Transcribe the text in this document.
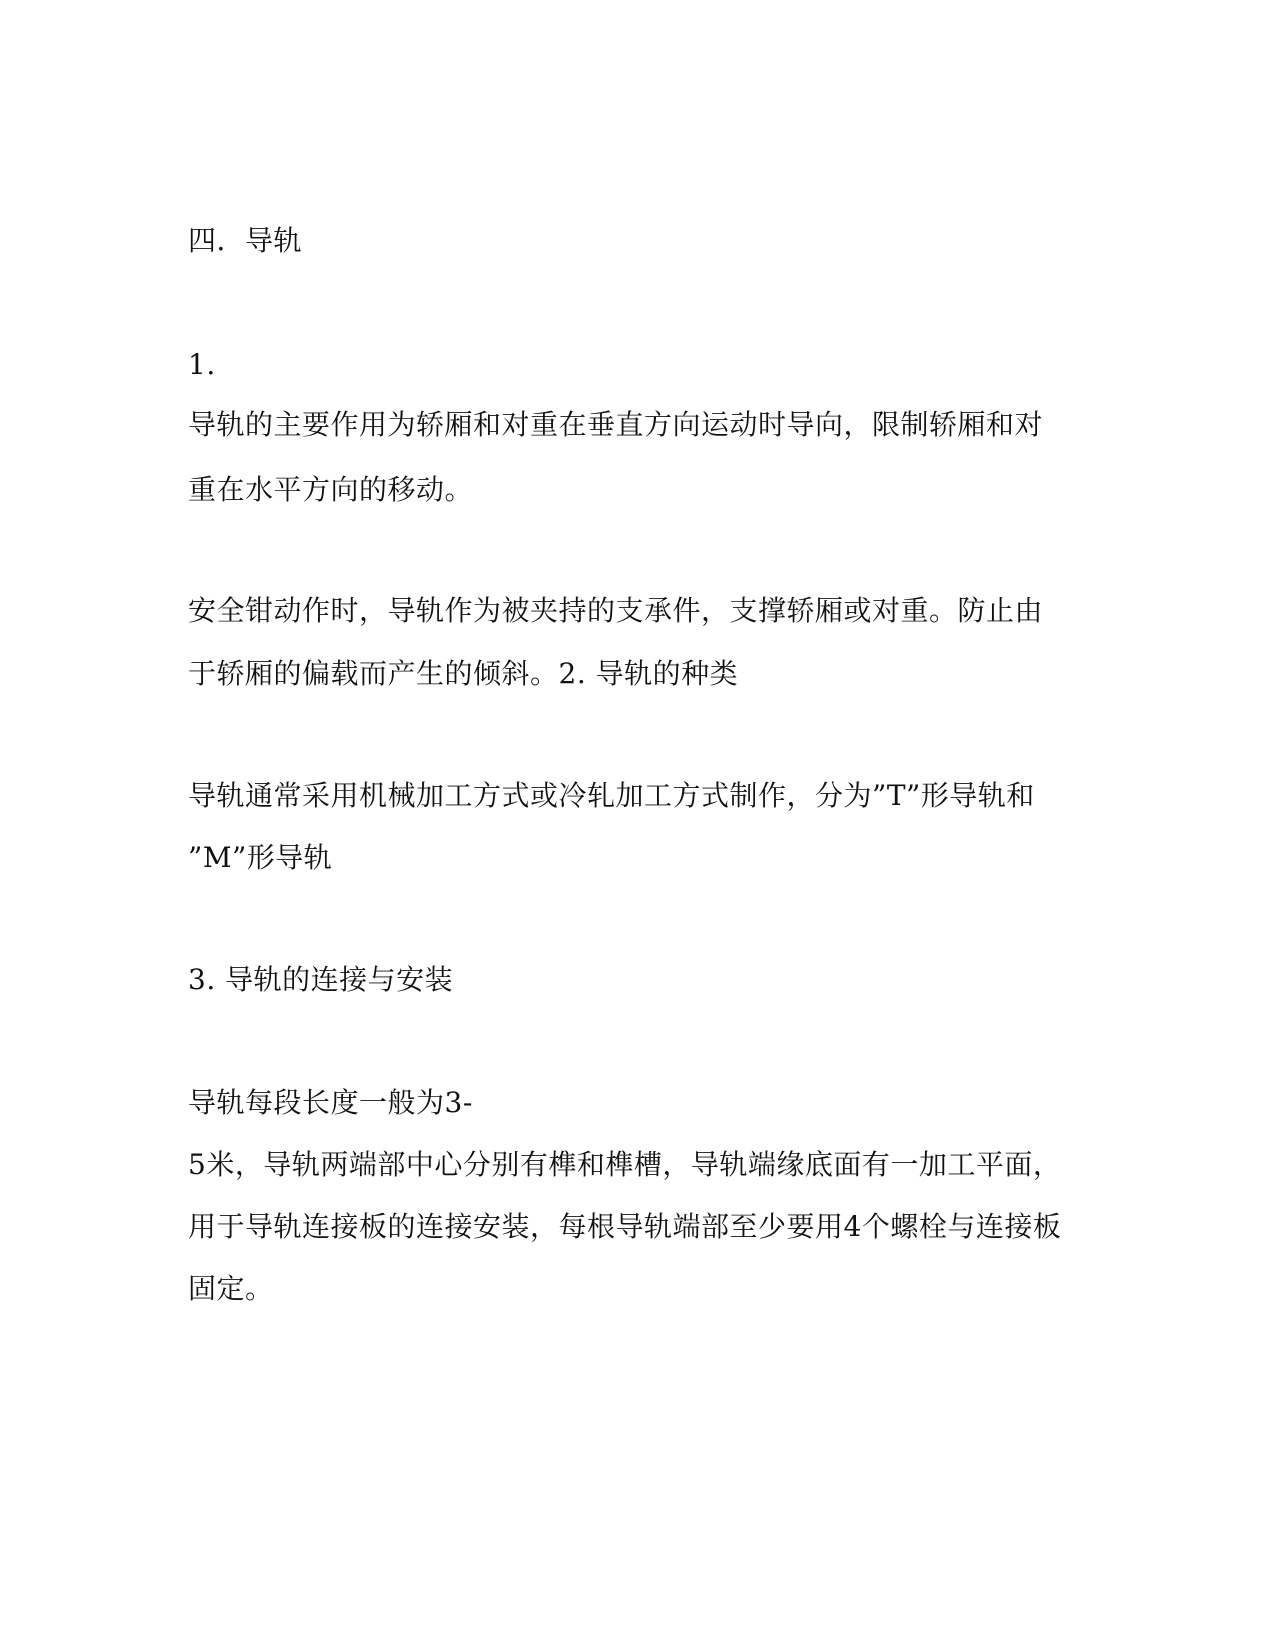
四．导轨
1.
导轨的主要作用为轿厢和对重在垂直方向运动时导向，限制轿厢和对
重在水平方向的移动。
安全钳动作时，导轨作为被夹持的支承件，支撑轿厢或对重。防止由
于轿厢的偏载而产生的倾斜。2. 导轨的种类
导轨通常采用机械加工方式或冷轧加工方式制作，分为”T”形导轨和
”M”形导轨
3. 导轨的连接与安装
导轨每段长度一般为3-
5米，导轨两端部中心分别有榫和榫槽，导轨端缘底面有一加工平面，
用于导轨连接板的连接安装，每根导轨端部至少要用4个螺栓与连接板
固定。
